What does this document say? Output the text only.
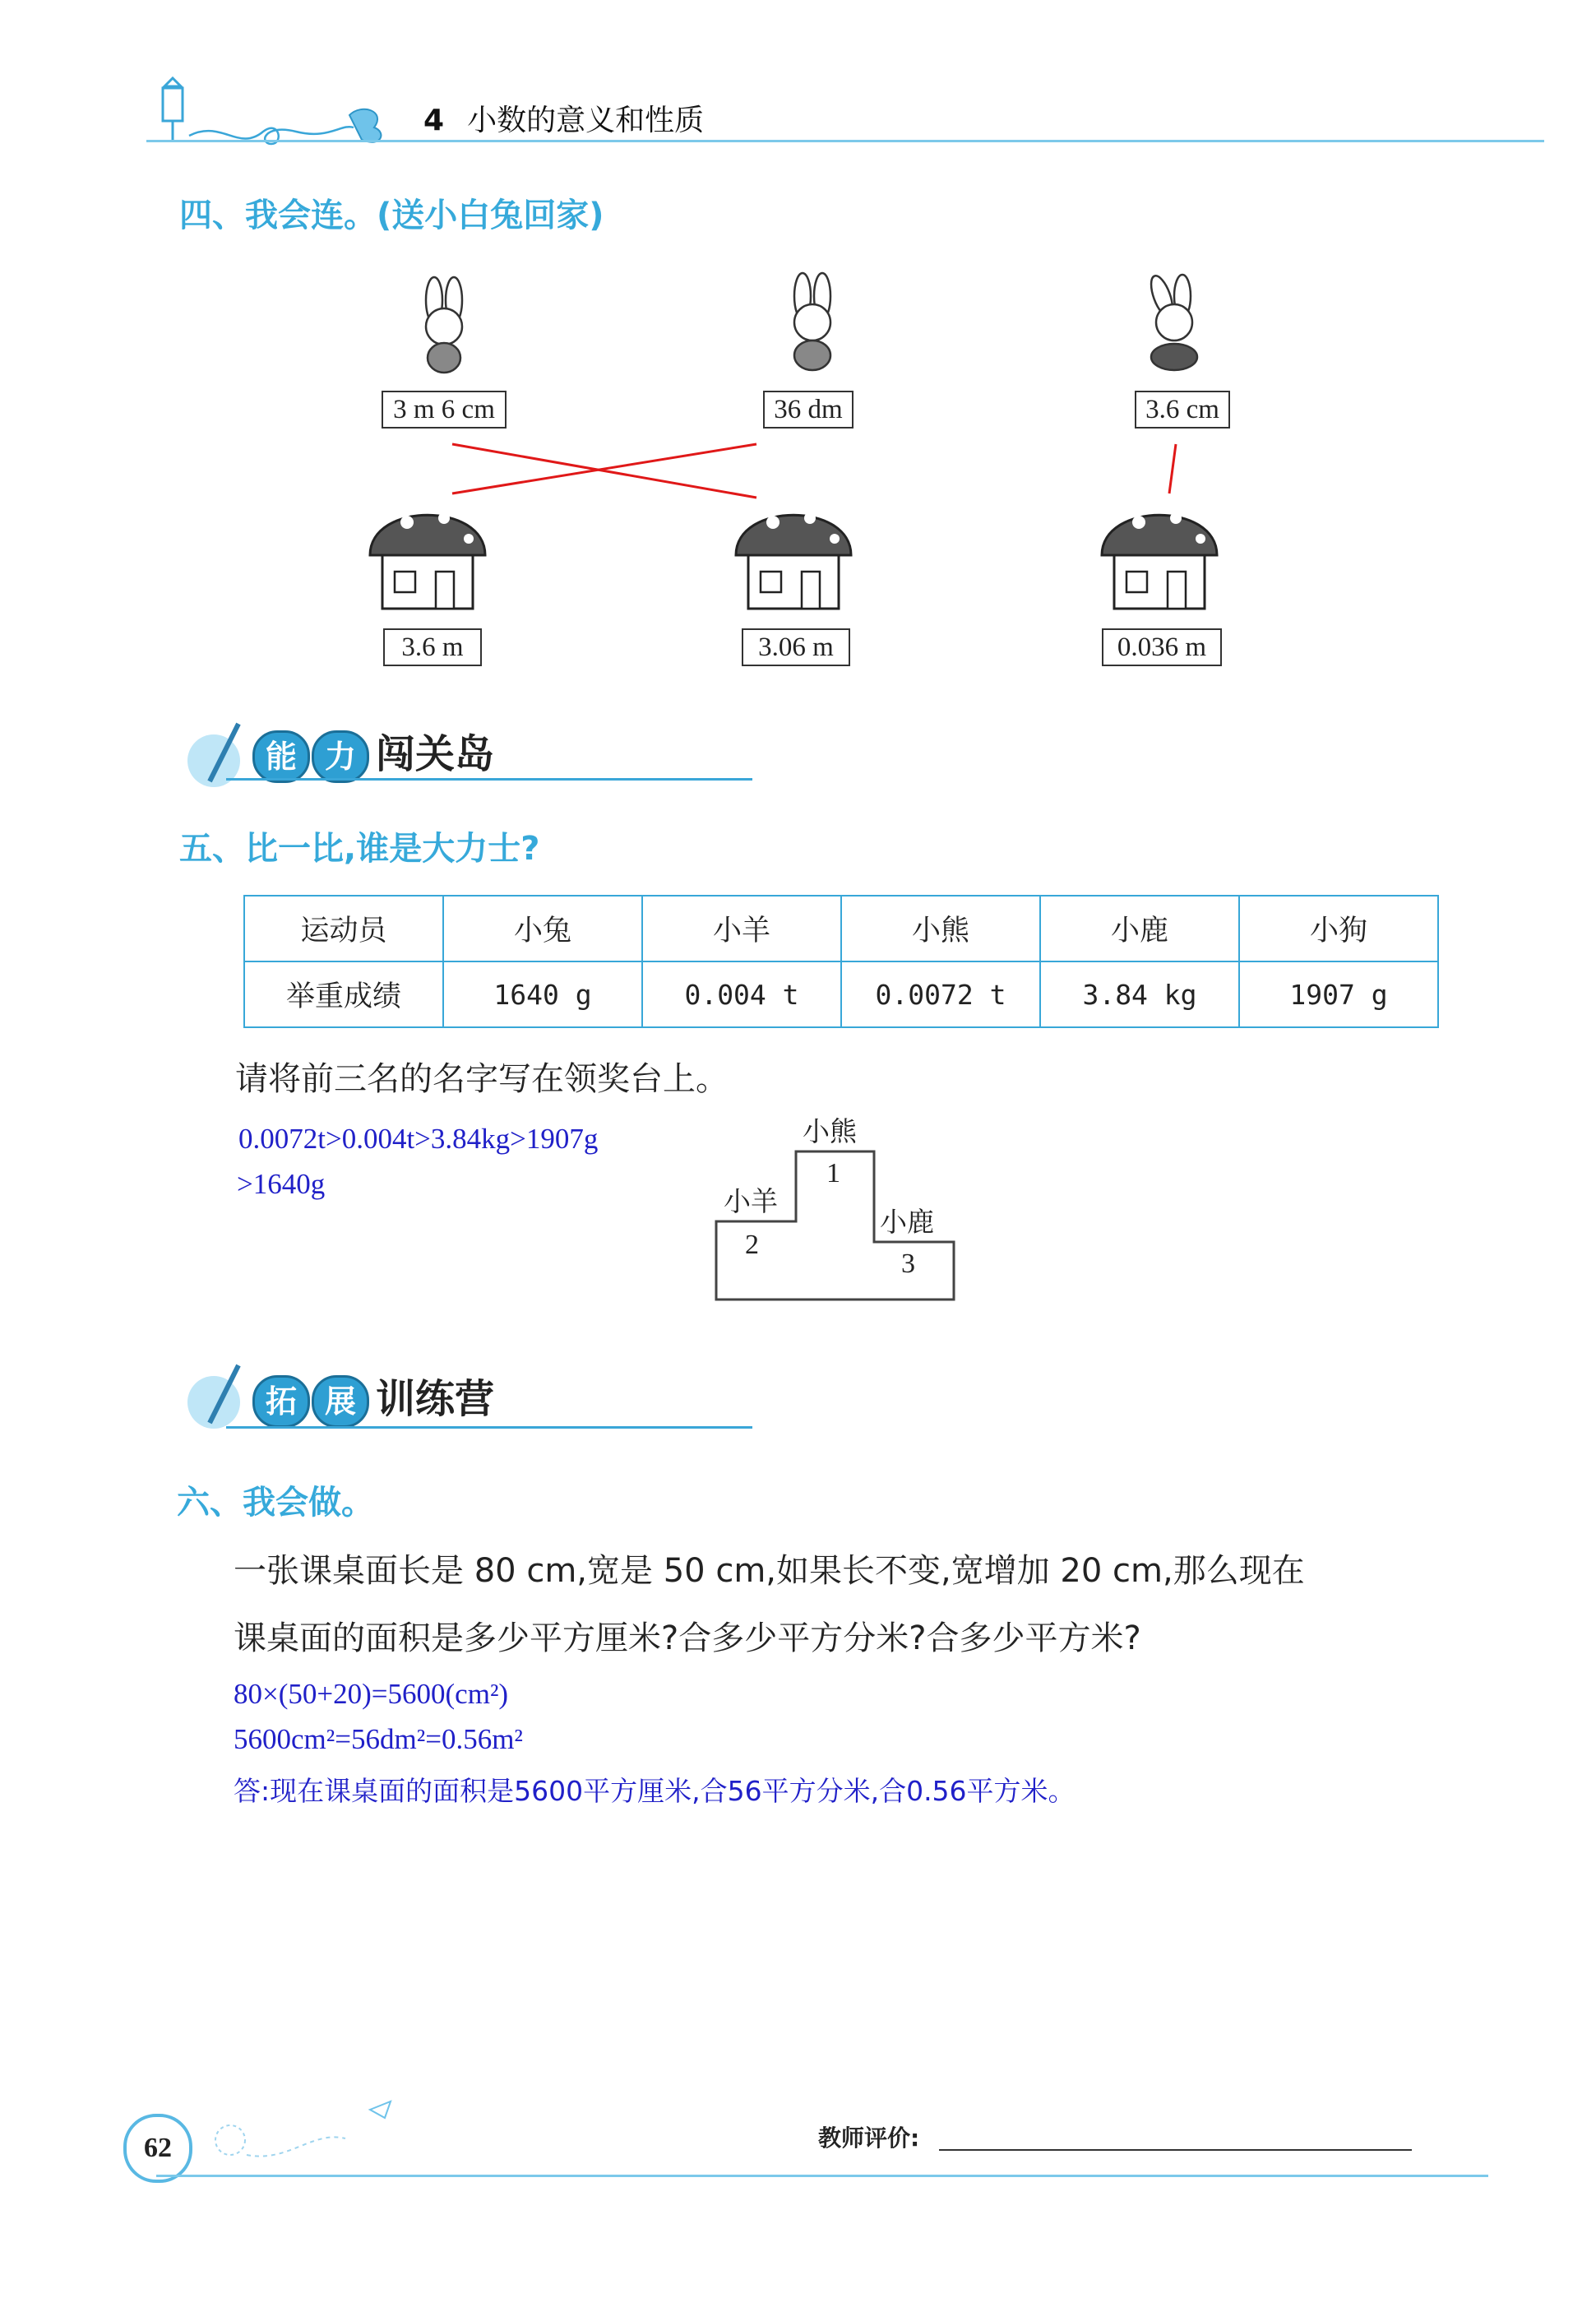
4 小数的意义和性质
四、我会连。(送小白兔回家)
3 m 6 cm	36 dm	3.6 cm
3.6 m	3.06 m	0.036 m
能 力 闯关岛
五、比一比,谁是大力士?
运动员	小兔	小羊	小熊	小鹿	小狗
举重成绩	1640 g	0.004 t	0.0072 t	3.84 kg	1907 g
请将前三名的名字写在领奖台上。
0.0072t>0.004t>3.84kg>1907g
>1640g
小熊
1
小羊
2
小鹿
3
拓 展 训练营
六、我会做。
一张课桌面长是 80 cm,宽是 50 cm,如果长不变,宽增加 20 cm,那么现在
课桌面的面积是多少平方厘米?合多少平方分米?合多少平方米?
80×(50+20)=5600(cm²)
5600cm²=56dm²=0.56m²
答:现在课桌面的面积是5600平方厘米,合56平方分米,合0.56平方米。
62	教师评价:
